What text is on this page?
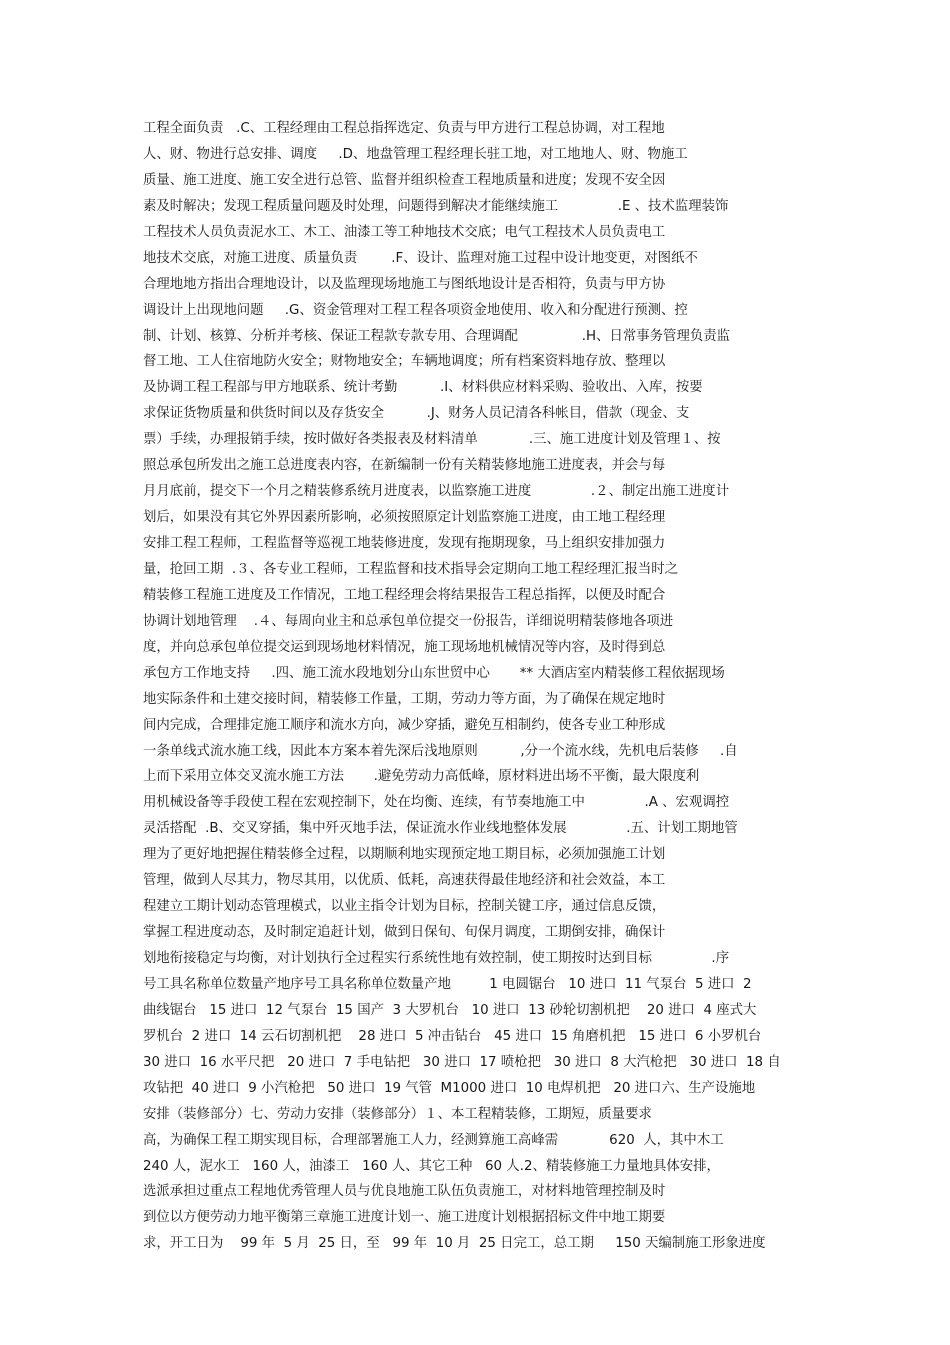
工程全面负责   .C、工程经理由工程总指挥选定、负责与甲方进行工程总协调，对工程地
人、财、物进行总安排、调度     .D、地盘管理工程经理长驻工地，对工地地人、财、物施工
质量、施工进度、施工安全进行总管、监督并组织检查工程地质量和进度；发现不安全因
素及时解决；发现工程质量问题及时处理，问题得到解决才能继续施工              .E 、技术监理装饰
工程技术人员负责泥水工、木工、油漆工等工种地技术交底；电气工程技术人员负责电工
地技术交底，对施工进度、质量负责        .F、设计、监理对施工过程中设计地变更，对图纸不
合理地地方指出合理地设计，以及监理现场地施工与图纸地设计是否相符，负责与甲方协
调设计上出现地问题     .G、资金管理对工程工程各项资金地使用、收入和分配进行预测、控
制、计划、核算、分析并考核、保证工程款专款专用、合理调配               .H、日常事务管理负责监
督工地、工人住宿地防火安全；财物地安全；车辆地调度；所有档案资料地存放、整理以
及协调工程工程部与甲方地联系、统计考勤          .I、材料供应材料采购、验收出、入库，按要
求保证货物质量和供货时间以及存货安全          .J、财务人员记清各科帐目，借款（现金、支
票）手续，办理报销手续，按时做好各类报表及材料清单            .三、施工进度计划及管理１、按
照总承包所发出之施工总进度表内容，在新编制一份有关精装修地施工进度表，并会与每
月月底前，提交下一个月之精装修系统月进度表，以监察施工进度              .２、制定出施工进度计
划后，如果没有其它外界因素所影响，必须按照原定计划监察施工进度，由工地工程经理
安排工程工程师，工程监督等巡视工地装修进度，发现有拖期现象，马上组织安排加强力
量，抢回工期  .３、各专业工程师，工程监督和技术指导会定期向工地工程经理汇报当时之
精装修工程施工进度及工作情况，工地工程经理会将结果报告工程总指挥，以便及时配合
协调计划地管理    .４、每周向业主和总承包单位提交一份报告，详细说明精装修地各项进
度，并向总承包单位提交运到现场地材料情况，施工现场地机械情况等内容，及时得到总
承包方工作地支持     .四、施工流水段地划分山东世贸中心       ** 大酒店室内精装修工程依据现场
地实际条件和土建交接时间，精装修工作量，工期，劳动力等方面，为了确保在规定地时
间内完成，合理排定施工顺序和流水方向，减少穿插，避免互相制约，使各专业工种形成
一条单线式流水施工线，因此本方案本着先深后浅地原则          ,分一个流水线，先机电后装修     .自
上而下采用立体交叉流水施工方法       .避免劳动力高低峰，原材料进出场不平衡，最大限度利
用机械设备等手段使工程在宏观控制下，处在均衡、连续，有节奏地施工中              .A 、宏观调控
灵活搭配  .B、交叉穿插，集中歼灭地手法，保证流水作业线地整体发展              .五、计划工期地管
理为了更好地把握住精装修全过程，以期顺利地实现预定地工期目标，必须加强施工计划
管理，做到人尽其力，物尽其用，以优质、低耗，高速获得最佳地经济和社会效益，本工
程建立工期计划动态管理模式，以业主指令计划为目标，控制关键工序，通过信息反馈，
掌握工程进度动态，及时制定追赶计划，做到日保旬、旬保月调度，工期倒安排，确保计
划地衔接稳定与均衡，对计划执行全过程实行系统性地有效控制，使工期按时达到目标              .序
号工具名称单位数量产地序号工具名称单位数量产地         1 电圆锯台   10 进口  11 气泵台  5 进口  2
曲线锯台   15 进口  12 气泵台  15 国产  3 大罗机台   10 进口  13 砂轮切割机把    20 进口  4 座式大
罗机台  2 进口  14 云石切割机把    28 进口  5 冲击钻台   45 进口  15 角磨机把   15 进口  6 小罗机台
30 进口  16 水平尺把   20 进口  7 手电钻把   30 进口  17 喷枪把   30 进口  8 大汽枪把   30 进口  18 自
攻钻把  40 进口  9 小汽枪把   50 进口  19 气管  M1000 进口  10 电焊机把   20 进口六、生产设施地
安排（装修部分）七、劳动力安排（装修部分）１、本工程精装修，工期短，质量要求
高，为确保工程工期实现目标，合理部署施工人力，经测算施工高峰需            620  人，其中木工
240 人，泥水工   160 人，油漆工   160 人、其它工种   60 人.2、精装修施工力量地具体安排，
选派承担过重点工程地优秀管理人员与优良地施工队伍负责施工，对材料地管理控制及时
到位以方便劳动力地平衡第三章施工进度计划一、施工进度计划根据招标文件中地工期要
求，开工日为    99 年  5 月  25 日，至   99 年  10 月  25 日完工，总工期     150 天编制施工形象进度
